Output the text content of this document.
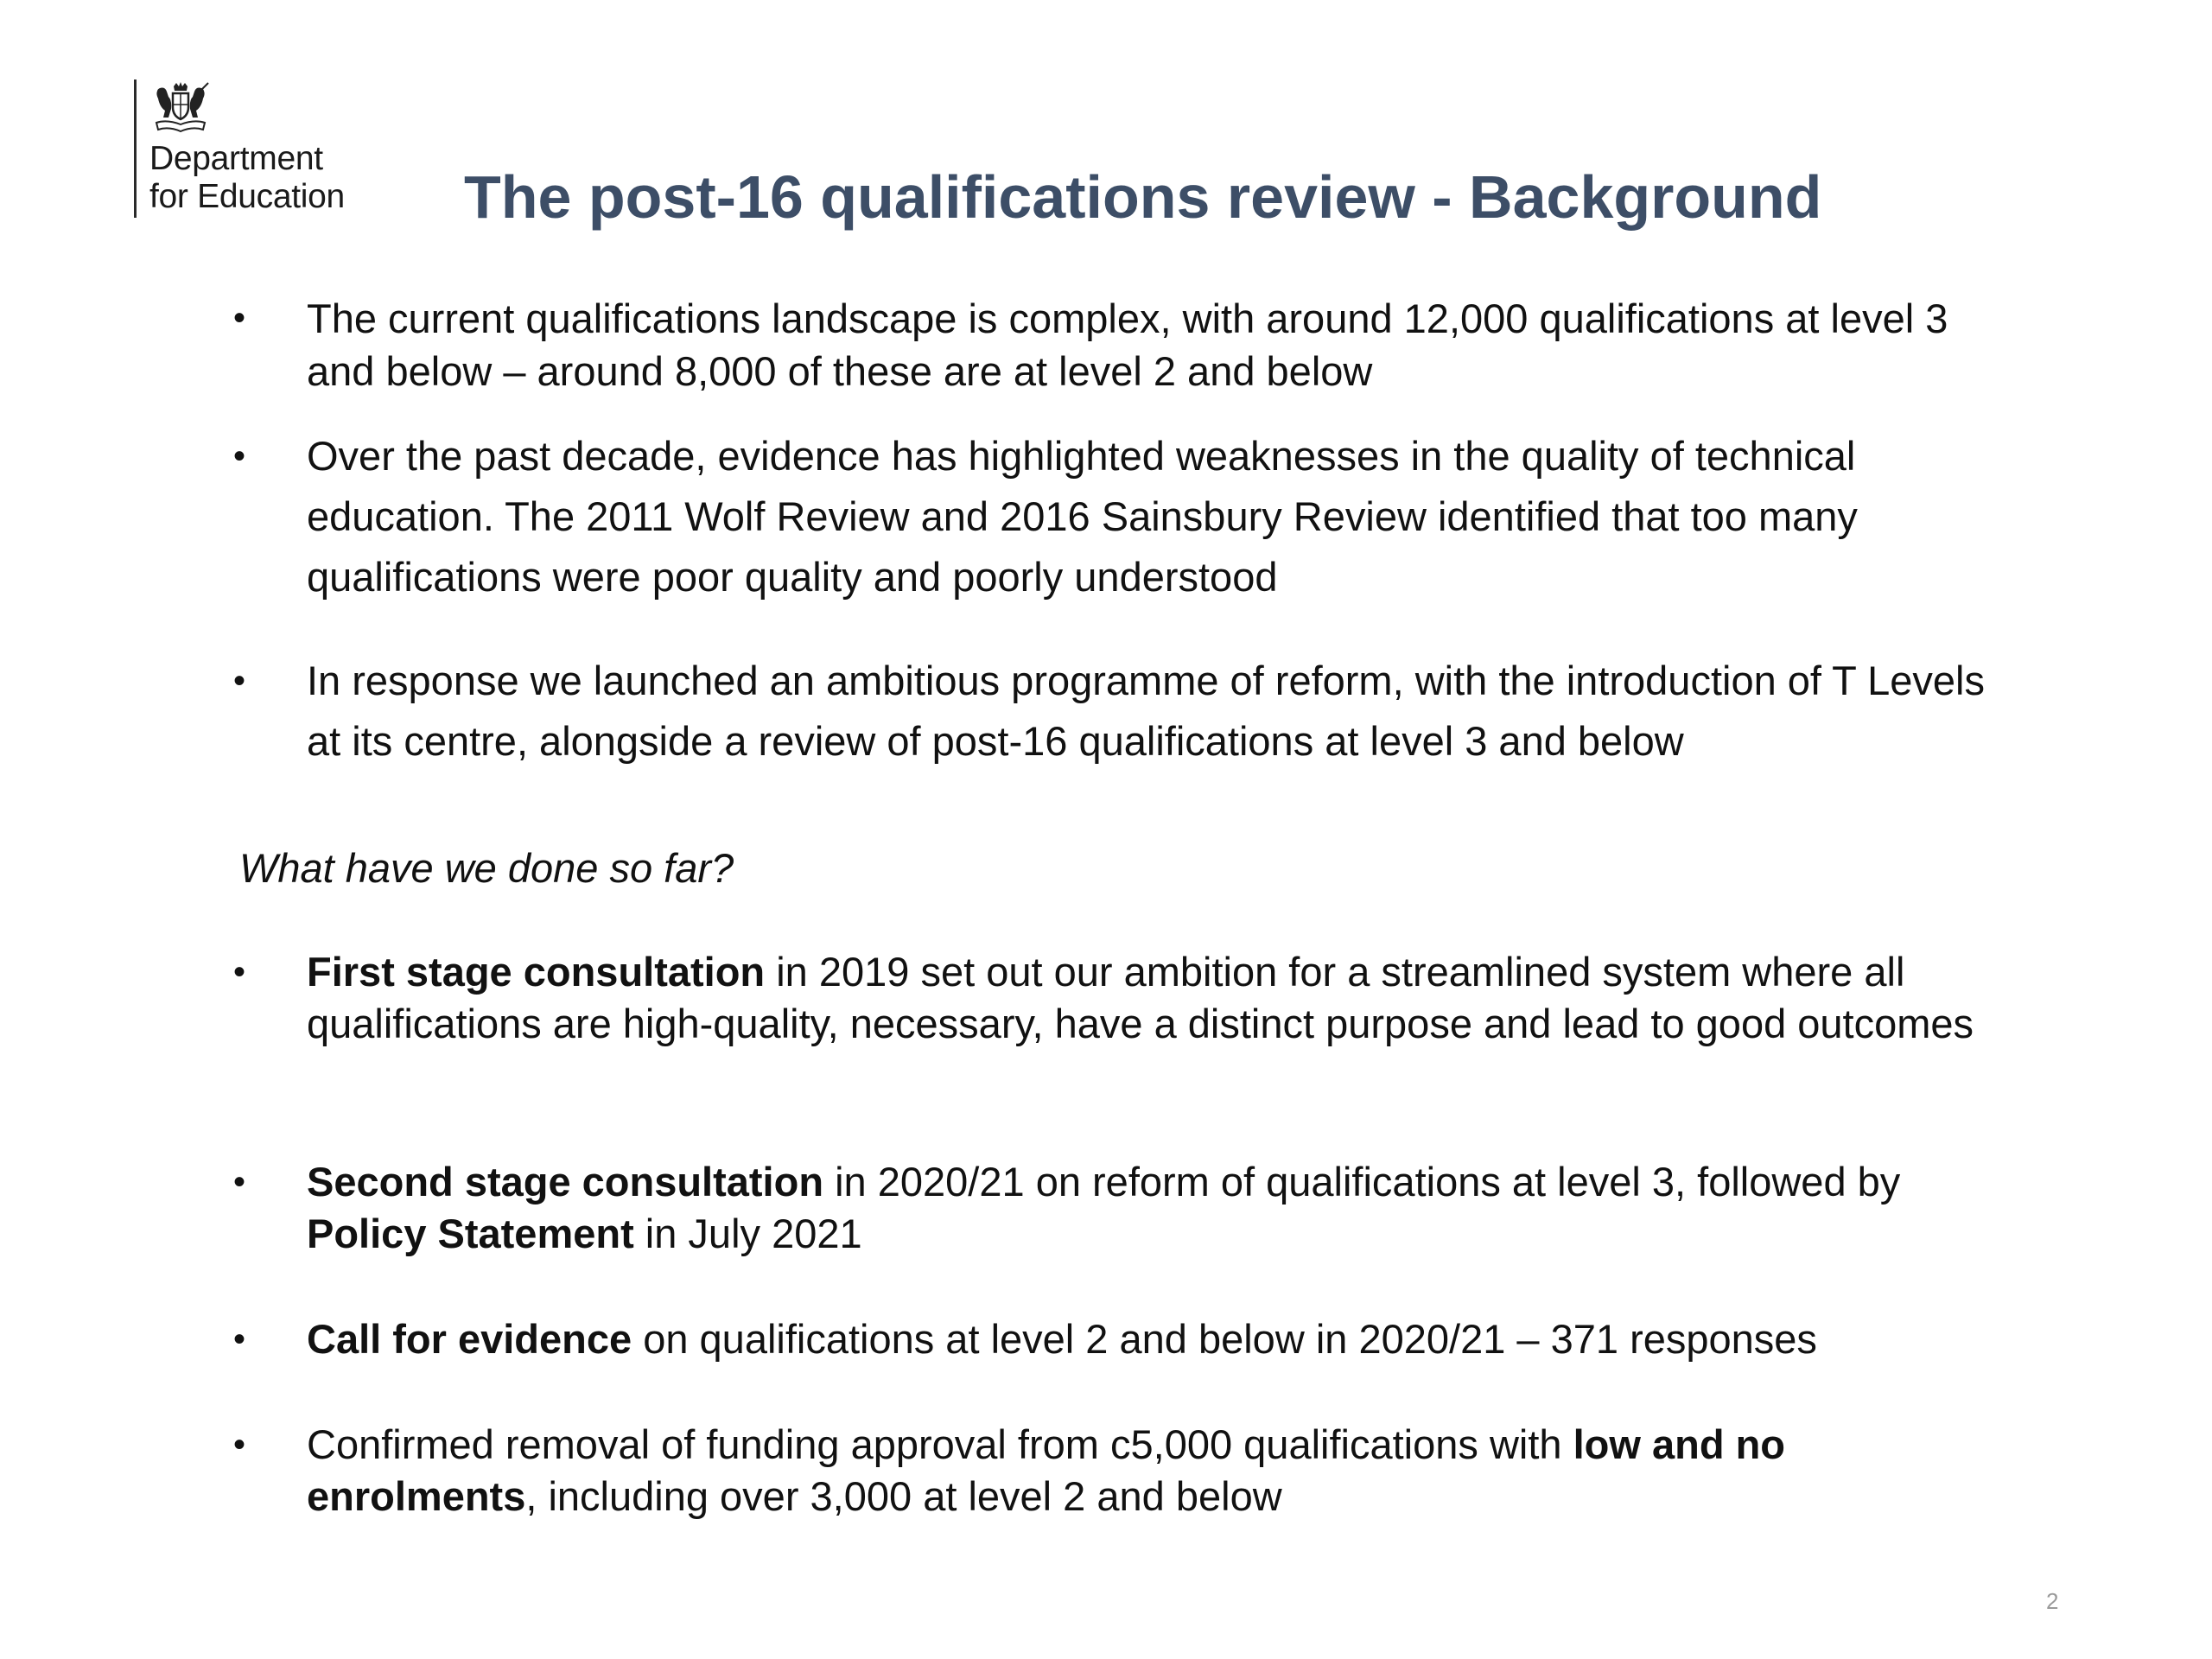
Department
for Education The post-16 qualifications review - Background
•	The current qualifications landscape is complex, with around 12,000 qualifications at level 3 and below – around 8,000 of these are at level 2 and below
•	Over the past decade, evidence has highlighted weaknesses in the quality of technical education. The 2011 Wolf Review and 2016 Sainsbury Review identified that too many qualifications were poor quality and poorly understood
•	In response we launched an ambitious programme of reform, with the introduction of T Levels at its centre, alongside a review of post-16 qualifications at level 3 and below
What have we done so far?
•	First stage consultation in 2019 set out our ambition for a streamlined system where all qualifications are high-quality, necessary, have a distinct purpose and lead to good outcomes
•	Second stage consultation in 2020/21 on reform of qualifications at level 3, followed by Policy Statement in July 2021
•	Call for evidence on qualifications at level 2 and below in 2020/21 – 371 responses
•	Confirmed removal of funding approval from c5,000 qualifications with low and no enrolments, including over 3,000 at level 2 and below
2
